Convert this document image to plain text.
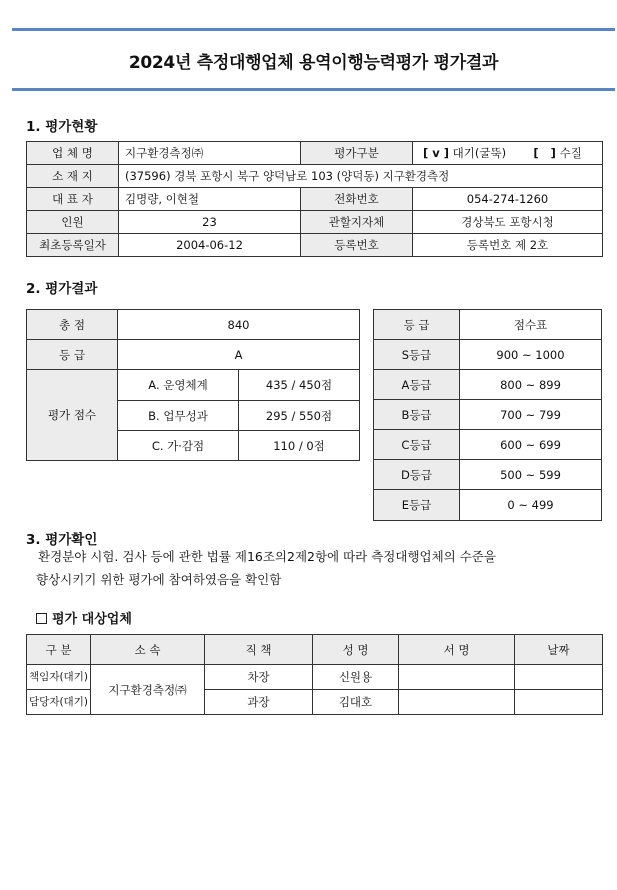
2024년 측정대행업체 용역이행능력평가 평가결과
1. 평가현황
업 체 명	지구환경측정㈜	평가구분	[ v ] 대기(굴뚝) [   ] 수질
소 재 지	(37596) 경북 포항시 북구 양덕남로 103 (양덕동) 지구환경측정		
대 표 자	김명량, 이현철	전화번호	054-274-1260
인원	23	관할지자체	경상북도 포항시청
최초등록일자	2004-06-12	등록번호	등록번호 제 2호
2. 평가결과
총 점	840	
등 급	A	
평가 점수	A. 운영체계	435 / 450점
	B. 업무성과	295 / 550점
	C. 가·감점	110 / 0점
등 급	점수표
S등급	900 ~ 1000
A등급	800 ~ 899
B등급	700 ~ 799
C등급	600 ~ 699
D등급	500 ~ 599
E등급	0 ~ 499
3. 평가확인
환경분야 시험. 검사 등에 관한 법률 제16조의2제2항에 따라 측정대행업체의 수준을
향상시키기 위한 평가에 참여하였음을 확인함
평가 대상업체
구 분	소 속	직 책	성 명	서 명	날짜
책임자(대기)	지구환경측정㈜	차장	신원용		
담당자(대기)		과장	김대호		
